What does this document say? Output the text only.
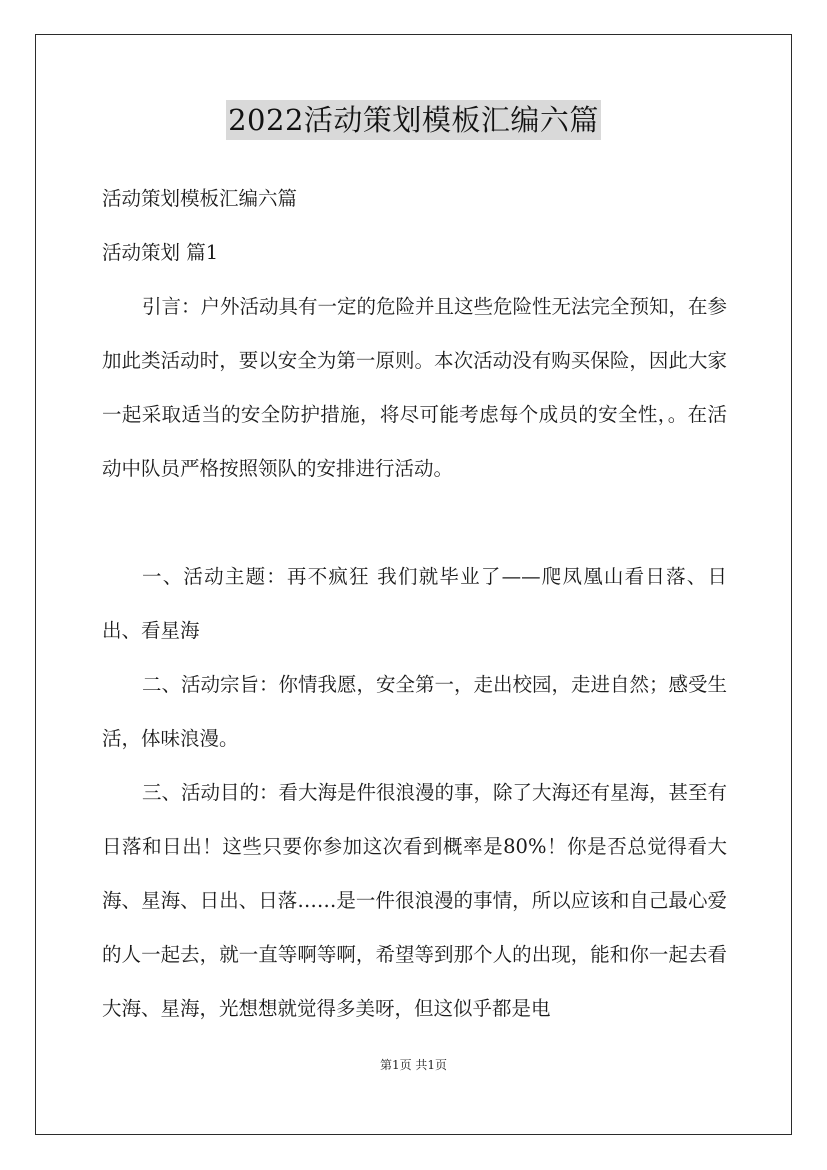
2022活动策划模板汇编六篇

活动策划模板汇编六篇

活动策划 篇1

引言：户外活动具有一定的危险并且这些危险性无法完全预知，在参加此类活动时，要以安全为第一原则。本次活动没有购买保险，因此大家一起采取适当的安全防护措施，将尽可能考虑每个成员的安全性，。在活动中队员严格按照领队的安排进行活动。

一、活动主题：再不疯狂 我们就毕业了——爬凤凰山看日落、日出、看星海

二、活动宗旨：你情我愿，安全第一，走出校园，走进自然；感受生活，体味浪漫。

三、活动目的：看大海是件很浪漫的事，除了大海还有星海，甚至有日落和日出！这些只要你参加这次看到概率是80%！你是否总觉得看大海、星海、日出、日落……是一件很浪漫的事情，所以应该和自己最心爱的人一起去，就一直等啊等啊，希望等到那个人的出现，能和你一起去看大海、星海，光想想就觉得多美呀，但这似乎都是电

第1页 共1页
